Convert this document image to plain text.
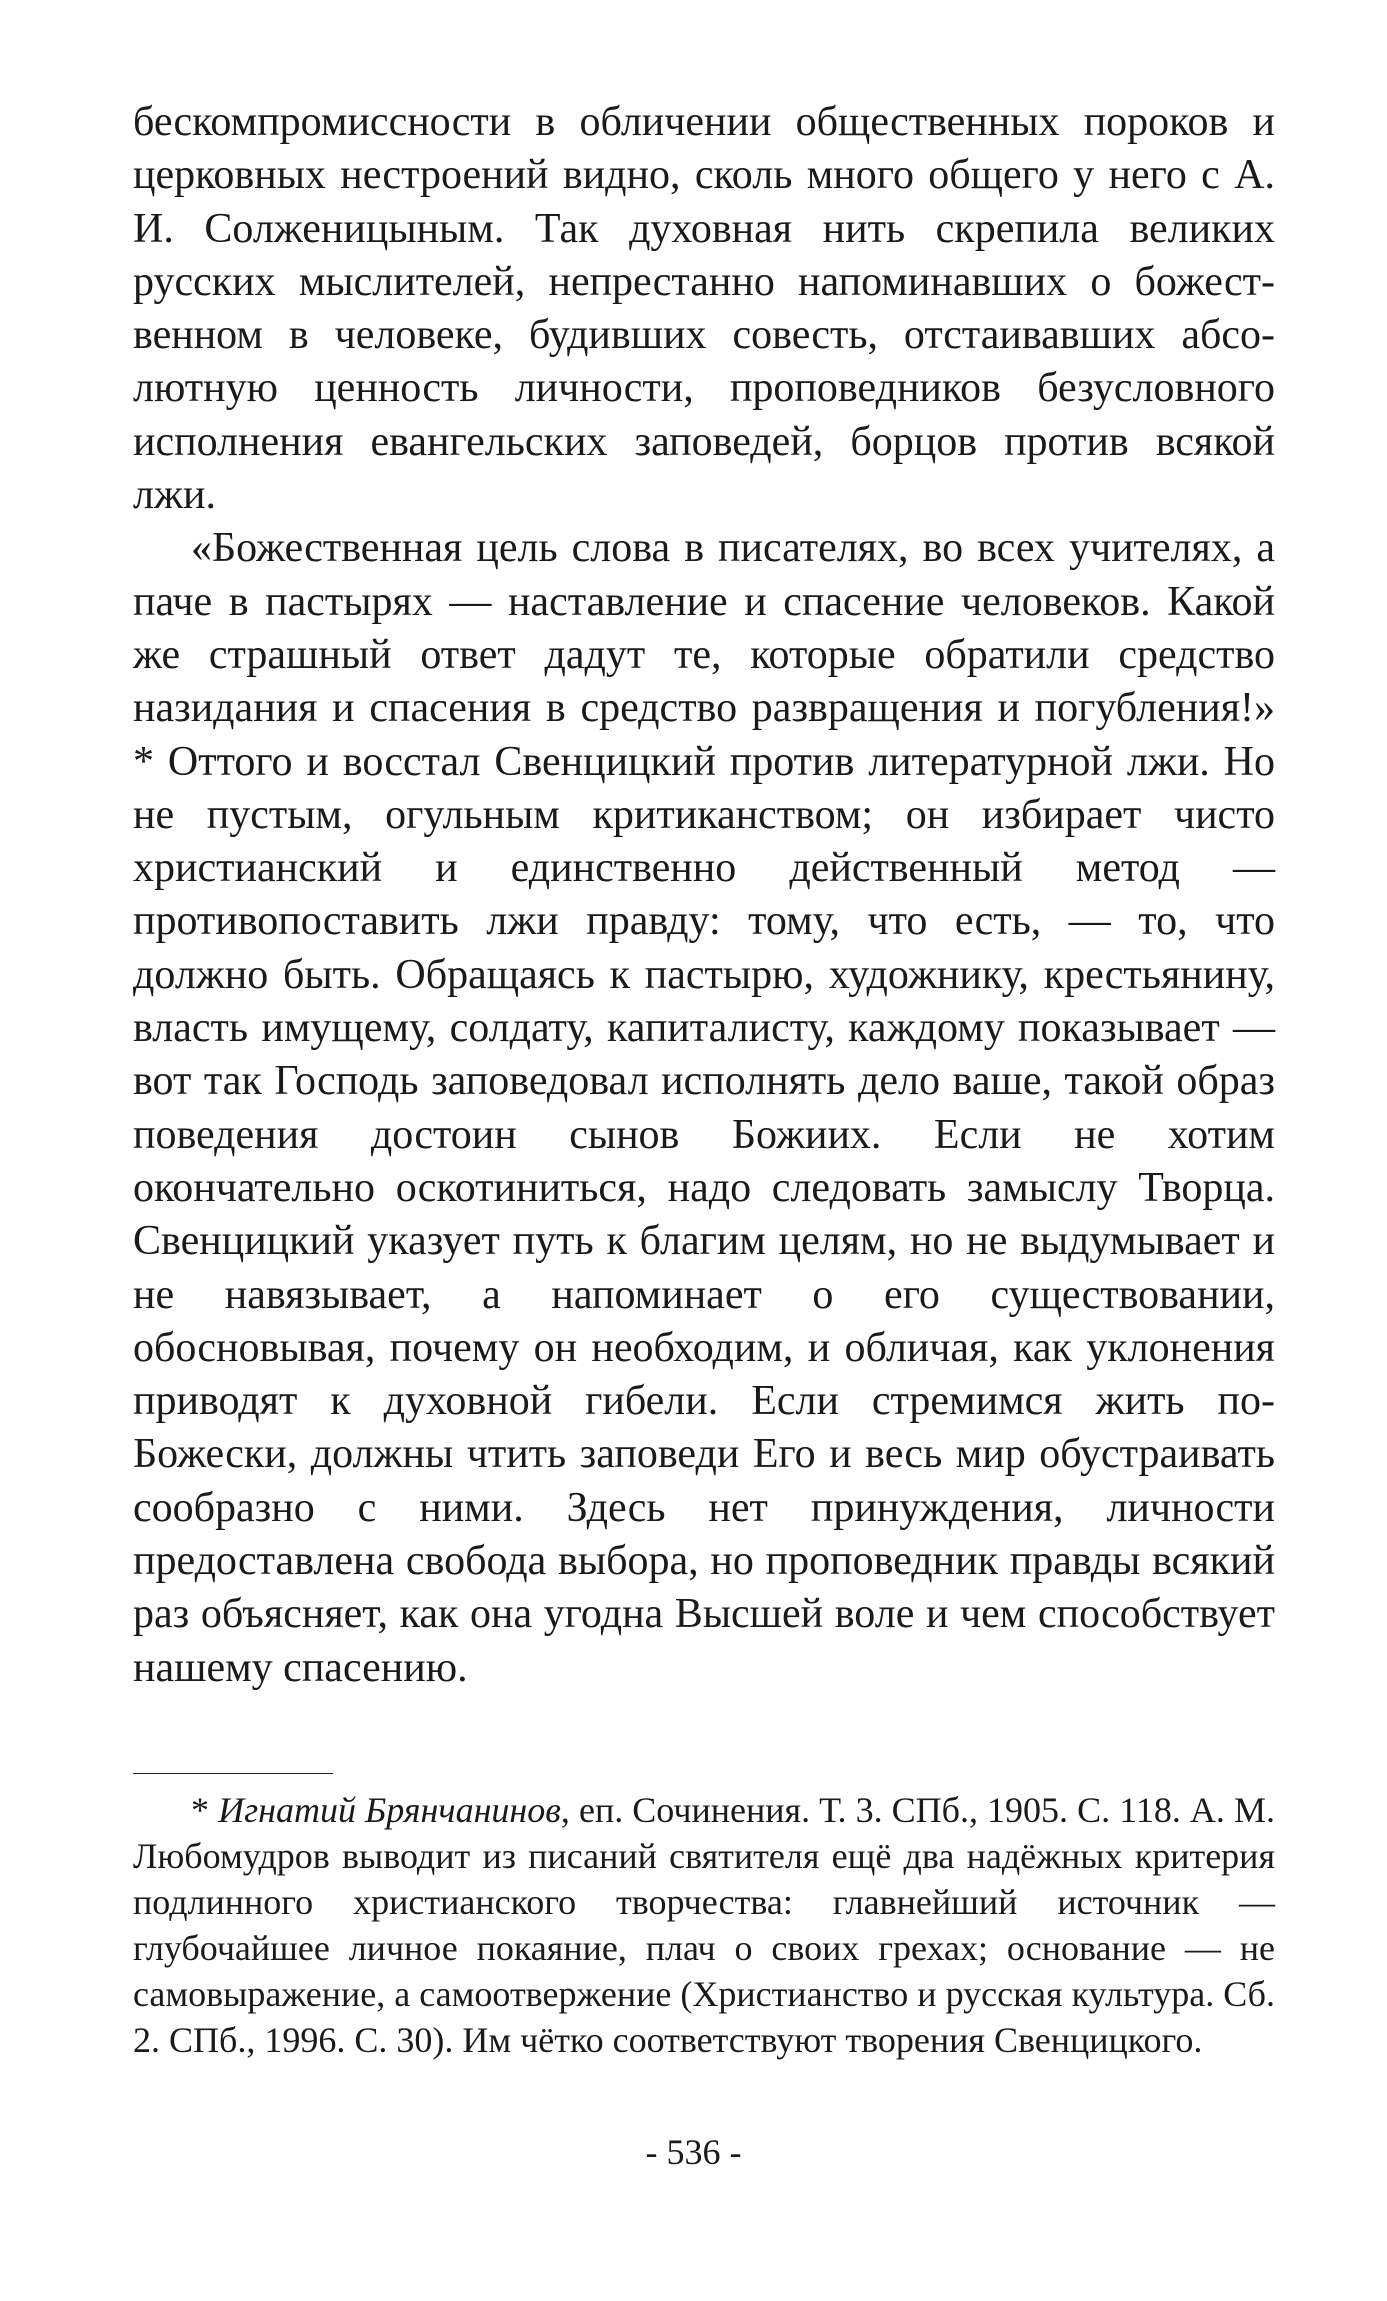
бескомпромиссности в обличении общественных пороков и церковных нестроений видно, сколь много общего у него с А. И. Солженицыным. Так духовная нить скрепила великих русских мыслителей, непрестанно напоминавших о божественном в человеке, будивших совесть, отстаивавших абсолютную ценность личности, проповедников безусловного исполнения евангельских заповедей, борцов против всякой лжи.

«Божественная цель слова в писателях, во всех учителях, а паче в пастырях — наставление и спасение человеков. Какой же страшный ответ дадут те, которые обратили средство назидания и спасения в средство развращения и погубления!» * Оттого и восстал Свенцицкий против литературной лжи. Но не пустым, огульным критиканством; он избирает чисто христианский и единственно действенный метод — противопоставить лжи правду: тому, что есть, — то, что должно быть. Обращаясь к пастырю, художнику, крестьянину, власть имущему, солдату, капиталисту, каждому показывает — вот так Господь заповедовал исполнять дело ваше, такой образ поведения достоин сынов Божиих. Если не хотим окончательно оскотиниться, надо следовать замыслу Творца. Свенцицкий указует путь к благим целям, но не выдумывает и не навязывает, а напоминает о его существовании, обосновывая, почему он необходим, и обличая, как уклонения приводят к духовной гибели. Если стремимся жить по-Божески, должны чтить заповеди Его и весь мир обустраивать сообразно с ними. Здесь нет принуждения, личности предоставлена свобода выбора, но проповедник правды всякий раз объясняет, как она угодна Высшей воле и чем способствует нашему спасению.

* Игнатий Брянчанинов, еп. Сочинения. Т. 3. СПб., 1905. С. 118. А. М. Любомудров выводит из писаний святителя ещё два надёжных критерия подлинного христианского творчества: главнейший источник — глубочайшее личное покаяние, плач о своих грехах; основание — не самовыражение, а самоотвержение (Христианство и русская культура. Сб. 2. СПб., 1996. С. 30). Им чётко соответствуют творения Свенцицкого.

- 536 -
